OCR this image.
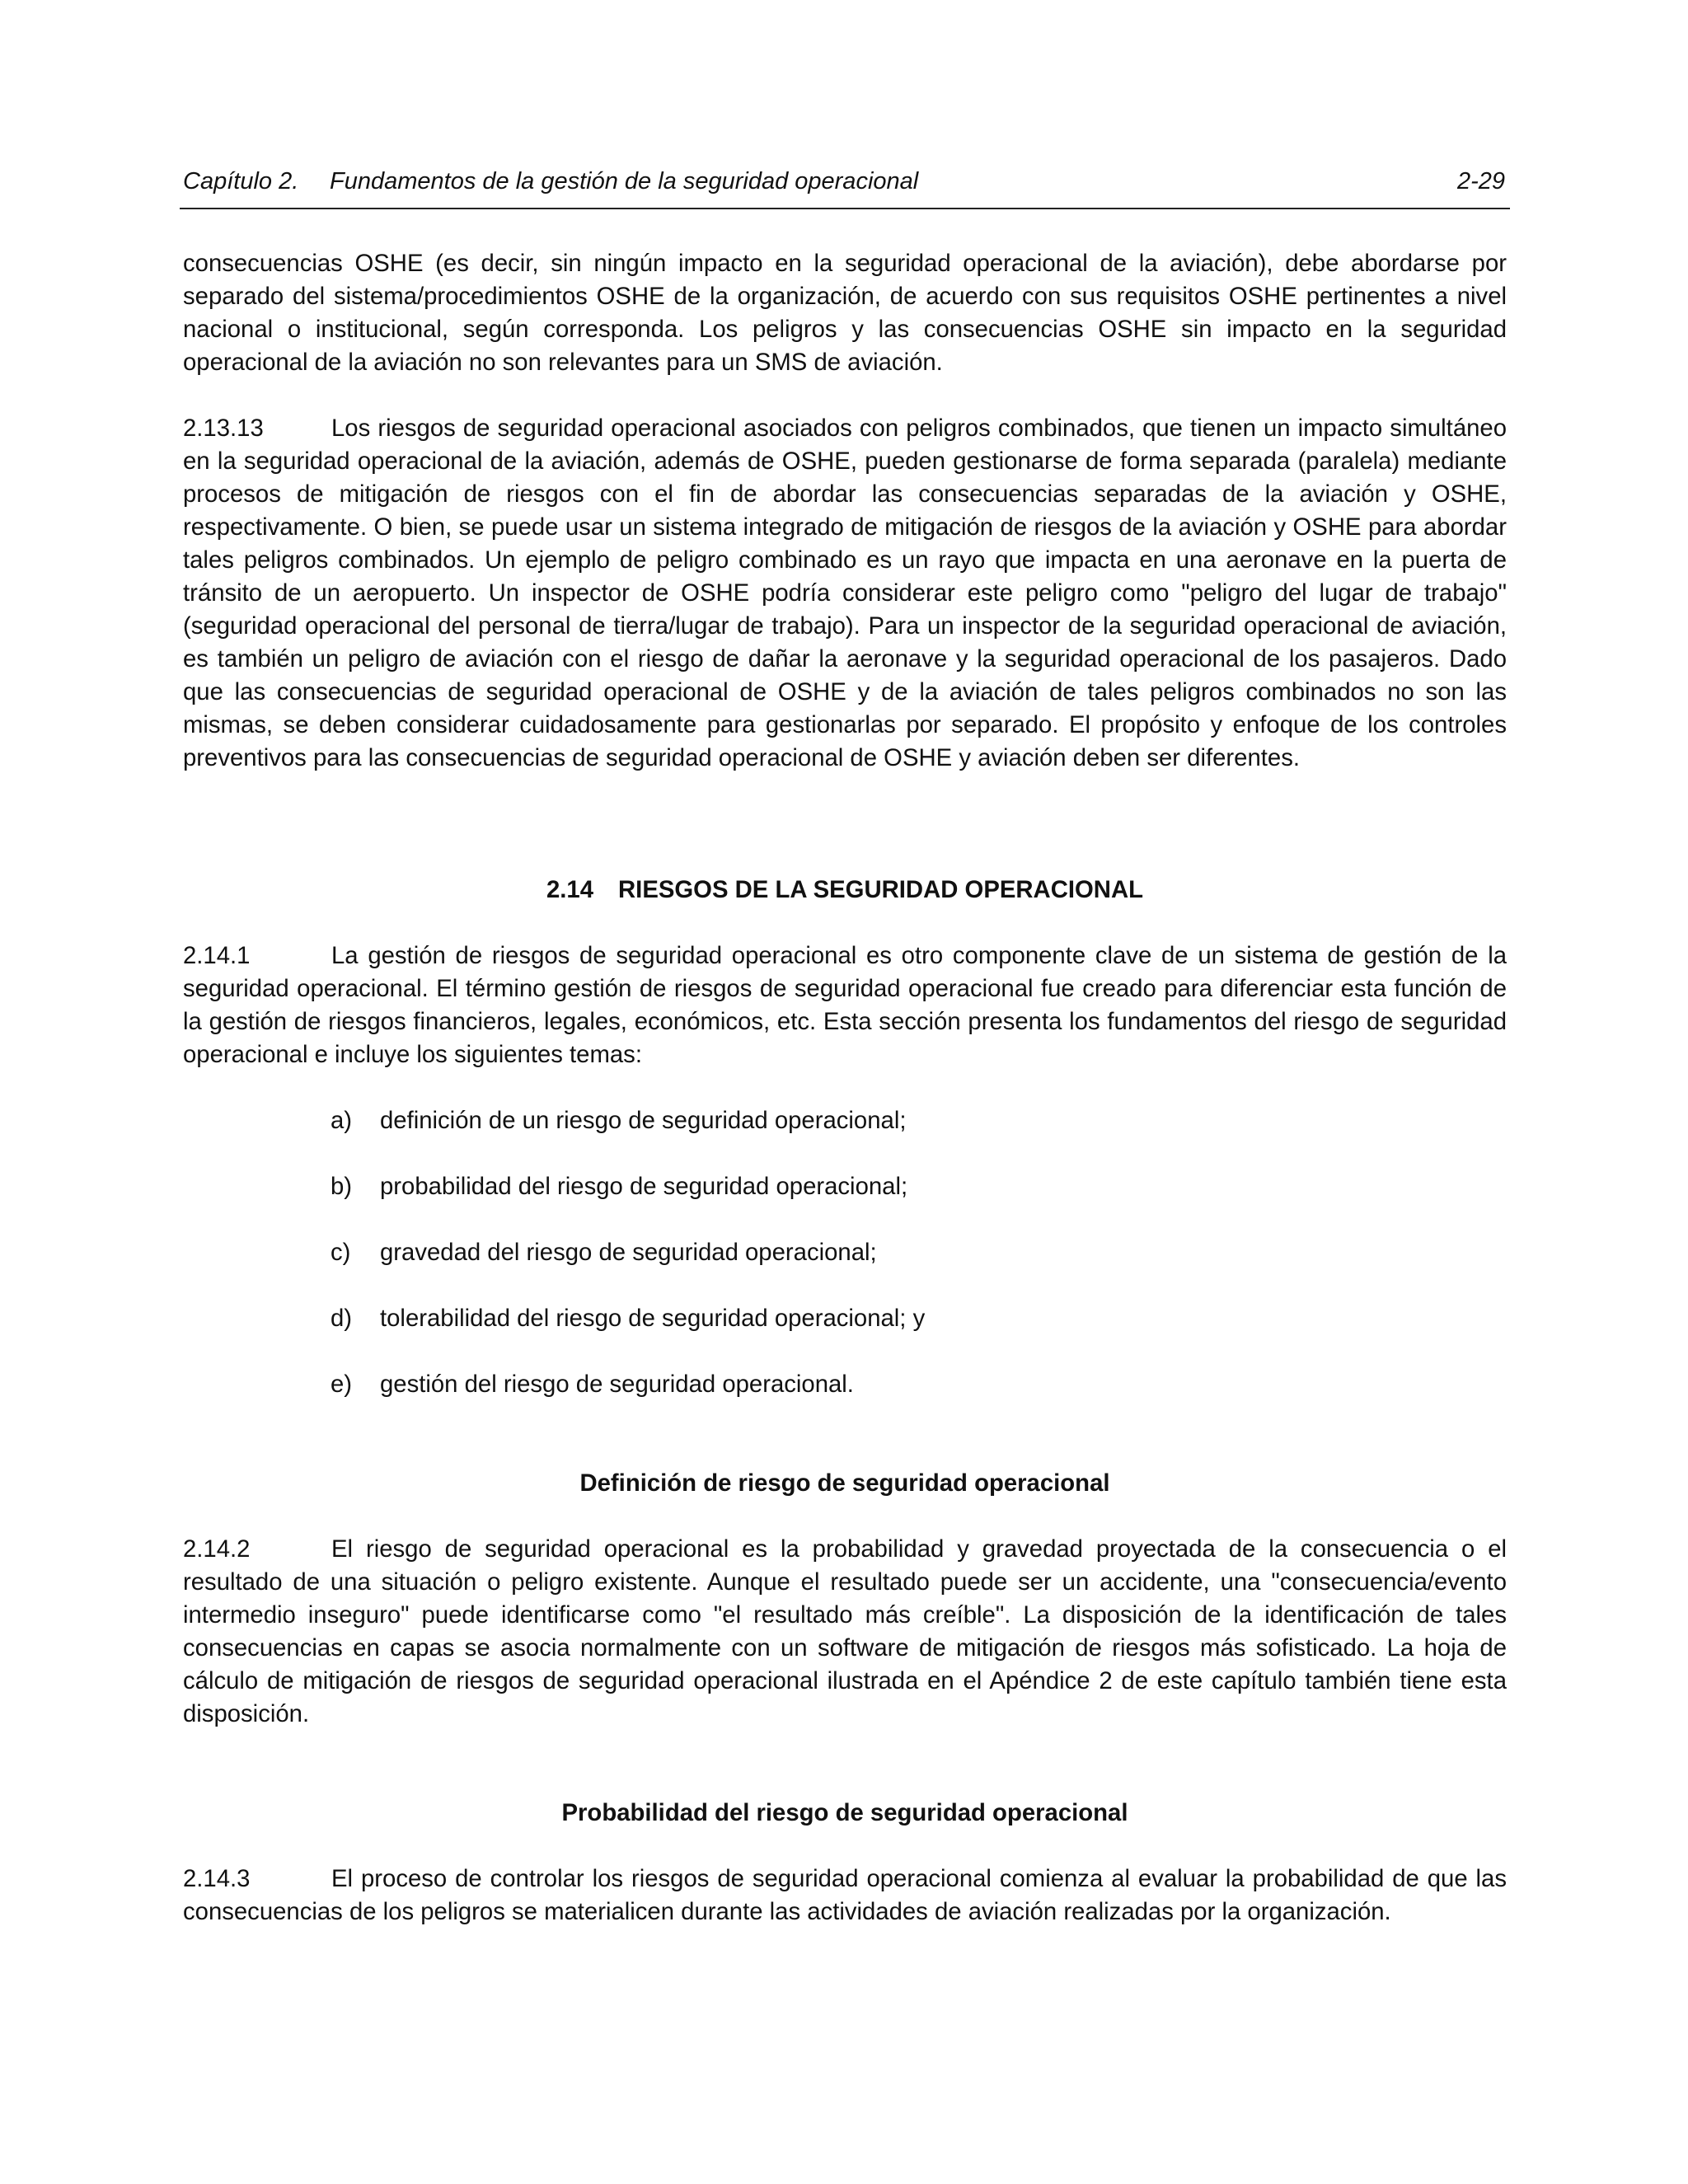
Capítulo 2. Fundamentos de la gestión de la seguridad operacional	2-29

consecuencias OSHE (es decir, sin ningún impacto en la seguridad operacional de la aviación), debe abordarse por separado del sistema/procedimientos OSHE de la organización, de acuerdo con sus requisitos OSHE pertinentes a nivel nacional o institucional, según corresponda. Los peligros y las consecuencias OSHE sin impacto en la seguridad operacional de la aviación no son relevantes para un SMS de aviación.

2.13.13	Los riesgos de seguridad operacional asociados con peligros combinados, que tienen un impacto simultáneo en la seguridad operacional de la aviación, además de OSHE, pueden gestionarse de forma separada (paralela) mediante procesos de mitigación de riesgos con el fin de abordar las consecuencias separadas de la aviación y OSHE, respectivamente. O bien, se puede usar un sistema integrado de mitigación de riesgos de la aviación y OSHE para abordar tales peligros combinados. Un ejemplo de peligro combinado es un rayo que impacta en una aeronave en la puerta de tránsito de un aeropuerto. Un inspector de OSHE podría considerar este peligro como "peligro del lugar de trabajo" (seguridad operacional del personal de tierra/lugar de trabajo). Para un inspector de la seguridad operacional de aviación, es también un peligro de aviación con el riesgo de dañar la aeronave y la seguridad operacional de los pasajeros. Dado que las consecuencias de seguridad operacional de OSHE y de la aviación de tales peligros combinados no son las mismas, se deben considerar cuidadosamente para gestionarlas por separado. El propósito y enfoque de los controles preventivos para las consecuencias de seguridad operacional de OSHE y aviación deben ser diferentes.

2.14 RIESGOS DE LA SEGURIDAD OPERACIONAL

2.14.1	La gestión de riesgos de seguridad operacional es otro componente clave de un sistema de gestión de la seguridad operacional. El término gestión de riesgos de seguridad operacional fue creado para diferenciar esta función de la gestión de riesgos financieros, legales, económicos, etc. Esta sección presenta los fundamentos del riesgo de seguridad operacional e incluye los siguientes temas:

a) definición de un riesgo de seguridad operacional;
b) probabilidad del riesgo de seguridad operacional;
c) gravedad del riesgo de seguridad operacional;
d) tolerabilidad del riesgo de seguridad operacional; y
e) gestión del riesgo de seguridad operacional.
Definición de riesgo de seguridad operacional

2.14.2	El riesgo de seguridad operacional es la probabilidad y gravedad proyectada de la consecuencia o el resultado de una situación o peligro existente. Aunque el resultado puede ser un accidente, una "consecuencia/evento intermedio inseguro" puede identificarse como "el resultado más creíble". La disposición de la identificación de tales consecuencias en capas se asocia normalmente con un software de mitigación de riesgos más sofisticado. La hoja de cálculo de mitigación de riesgos de seguridad operacional ilustrada en el Apéndice 2 de este capítulo también tiene esta disposición.

Probabilidad del riesgo de seguridad operacional

2.14.3	El proceso de controlar los riesgos de seguridad operacional comienza al evaluar la probabilidad de que las consecuencias de los peligros se materialicen durante las actividades de aviación realizadas por la organización.
